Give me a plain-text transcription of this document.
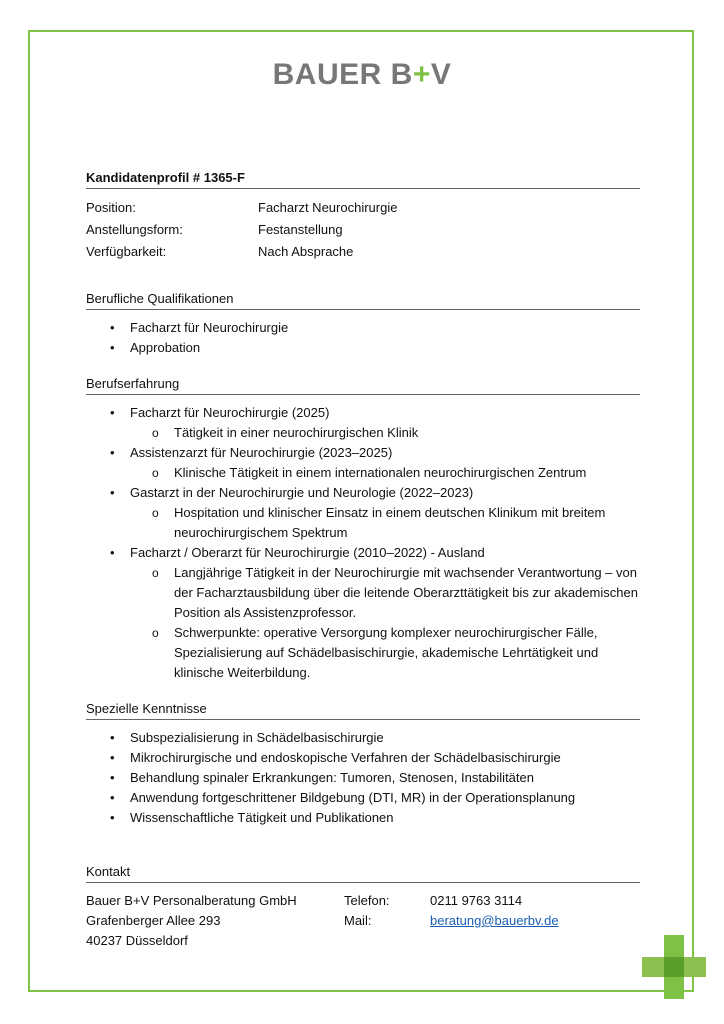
BAUER B+V

Kandidatenprofil # 1365-F

Position:	Facharzt Neurochirurgie
Anstellungsform:	Festanstellung
Verfügbarkeit:	Nach Absprache

Berufliche Qualifikationen

• Facharzt für Neurochirurgie
• Approbation

Berufserfahrung

• Facharzt für Neurochirurgie (2025)
o Tätigkeit in einer neurochirurgischen Klinik
• Assistenzarzt für Neurochirurgie (2023–2025)
o Klinische Tätigkeit in einem internationalen neurochirurgischen Zentrum
• Gastarzt in der Neurochirurgie und Neurologie (2022–2023)
o Hospitation und klinischer Einsatz in einem deutschen Klinikum mit breitem neurochirurgischem Spektrum
• Facharzt / Oberarzt für Neurochirurgie (2010–2022) - Ausland
o Langjährige Tätigkeit in der Neurochirurgie mit wachsender Verantwortung – von der Facharztausbildung über die leitende Oberarzttätigkeit bis zur akademischen Position als Assistenzprofessor.
o Schwerpunkte: operative Versorgung komplexer neurochirurgischer Fälle, Spezialisierung auf Schädelbasischirurgie, akademische Lehrtätigkeit und klinische Weiterbildung.

Spezielle Kenntnisse

• Subspezialisierung in Schädelbasischirurgie
• Mikrochirurgische und endoskopische Verfahren der Schädelbasischirurgie
• Behandlung spinaler Erkrankungen: Tumoren, Stenosen, Instabilitäten
• Anwendung fortgeschrittener Bildgebung (DTI, MR) in der Operationsplanung
• Wissenschaftliche Tätigkeit und Publikationen

Kontakt

Bauer B+V Personalberatung GmbH	Telefon:	0211 9763 3114
Grafenberger Allee 293	Mail:	beratung@bauerbv.de
40237 Düsseldorf
